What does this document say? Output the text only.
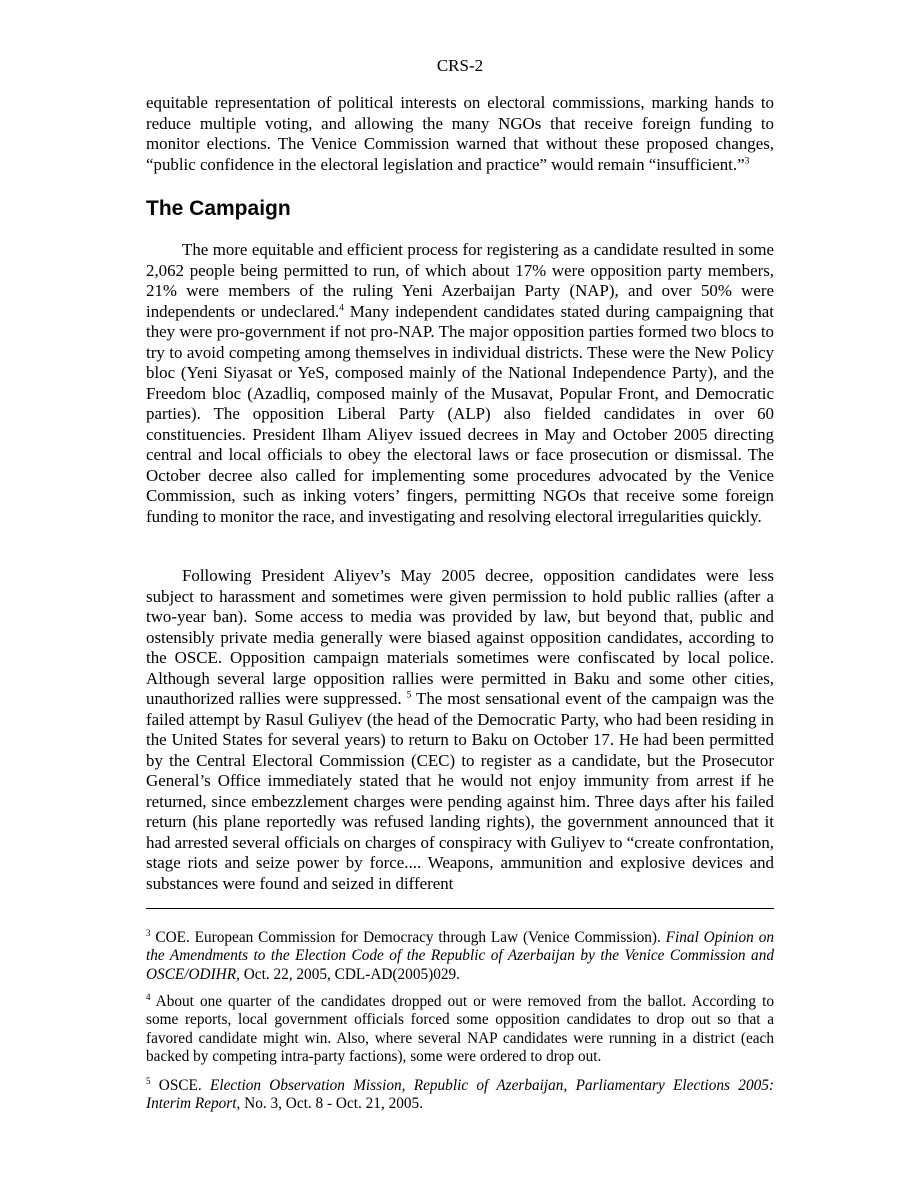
CRS-2

equitable representation of political interests on electoral commissions, marking hands to reduce multiple voting, and allowing the many NGOs that receive foreign funding to monitor elections. The Venice Commission warned that without these proposed changes, “public confidence in the electoral legislation and practice” would remain “insufficient.”$^3$

The Campaign

The more equitable and efficient process for registering as a candidate resulted in some 2,062 people being permitted to run, of which about 17% were opposition party members, 21% were members of the ruling Yeni Azerbaijan Party (NAP), and over 50% were independents or undeclared.$^4$ Many independent candidates stated during campaigning that they were pro-government if not pro-NAP. The major opposition parties formed two blocs to try to avoid competing among themselves in individual districts. These were the New Policy bloc (Yeni Siyasat or YeS, composed mainly of the National Independence Party), and the Freedom bloc (Azadliq, composed mainly of the Musavat, Popular Front, and Democratic parties). The opposition Liberal Party (ALP) also fielded candidates in over 60 constituencies. President Ilham Aliyev issued decrees in May and October 2005 directing central and local officials to obey the electoral laws or face prosecution or dismissal. The October decree also called for implementing some procedures advocated by the Venice Commission, such as inking voters’ fingers, permitting NGOs that receive some foreign funding to monitor the race, and investigating and resolving electoral irregularities quickly.

Following President Aliyev’s May 2005 decree, opposition candidates were less subject to harassment and sometimes were given permission to hold public rallies (after a two-year ban). Some access to media was provided by law, but beyond that, public and ostensibly private media generally were biased against opposition candidates, according to the OSCE. Opposition campaign materials sometimes were confiscated by local police. Although several large opposition rallies were permitted in Baku and some other cities, unauthorized rallies were suppressed. $^5$ The most sensational event of the campaign was the failed attempt by Rasul Guliyev (the head of the Democratic Party, who had been residing in the United States for several years) to return to Baku on October 17. He had been permitted by the Central Electoral Commission (CEC) to register as a candidate, but the Prosecutor General’s Office immediately stated that he would not enjoy immunity from arrest if he returned, since embezzlement charges were pending against him. Three days after his failed return (his plane reportedly was refused landing rights), the government announced that it had arrested several officials on charges of conspiracy with Guliyev to “create confrontation, stage riots and seize power by force.... Weapons, ammunition and explosive devices and substances were found and seized in different

$^3$ COE. European Commission for Democracy through Law (Venice Commission). Final Opinion on the Amendments to the Election Code of the Republic of Azerbaijan by the Venice Commission and OSCE/ODIHR, Oct. 22, 2005, CDL-AD(2005)029.

$^4$ About one quarter of the candidates dropped out or were removed from the ballot. According to some reports, local government officials forced some opposition candidates to drop out so that a favored candidate might win. Also, where several NAP candidates were running in a district (each backed by competing intra-party factions), some were ordered to drop out.

$^5$ OSCE. Election Observation Mission, Republic of Azerbaijan, Parliamentary Elections 2005: Interim Report, No. 3, Oct. 8 - Oct. 21, 2005.
